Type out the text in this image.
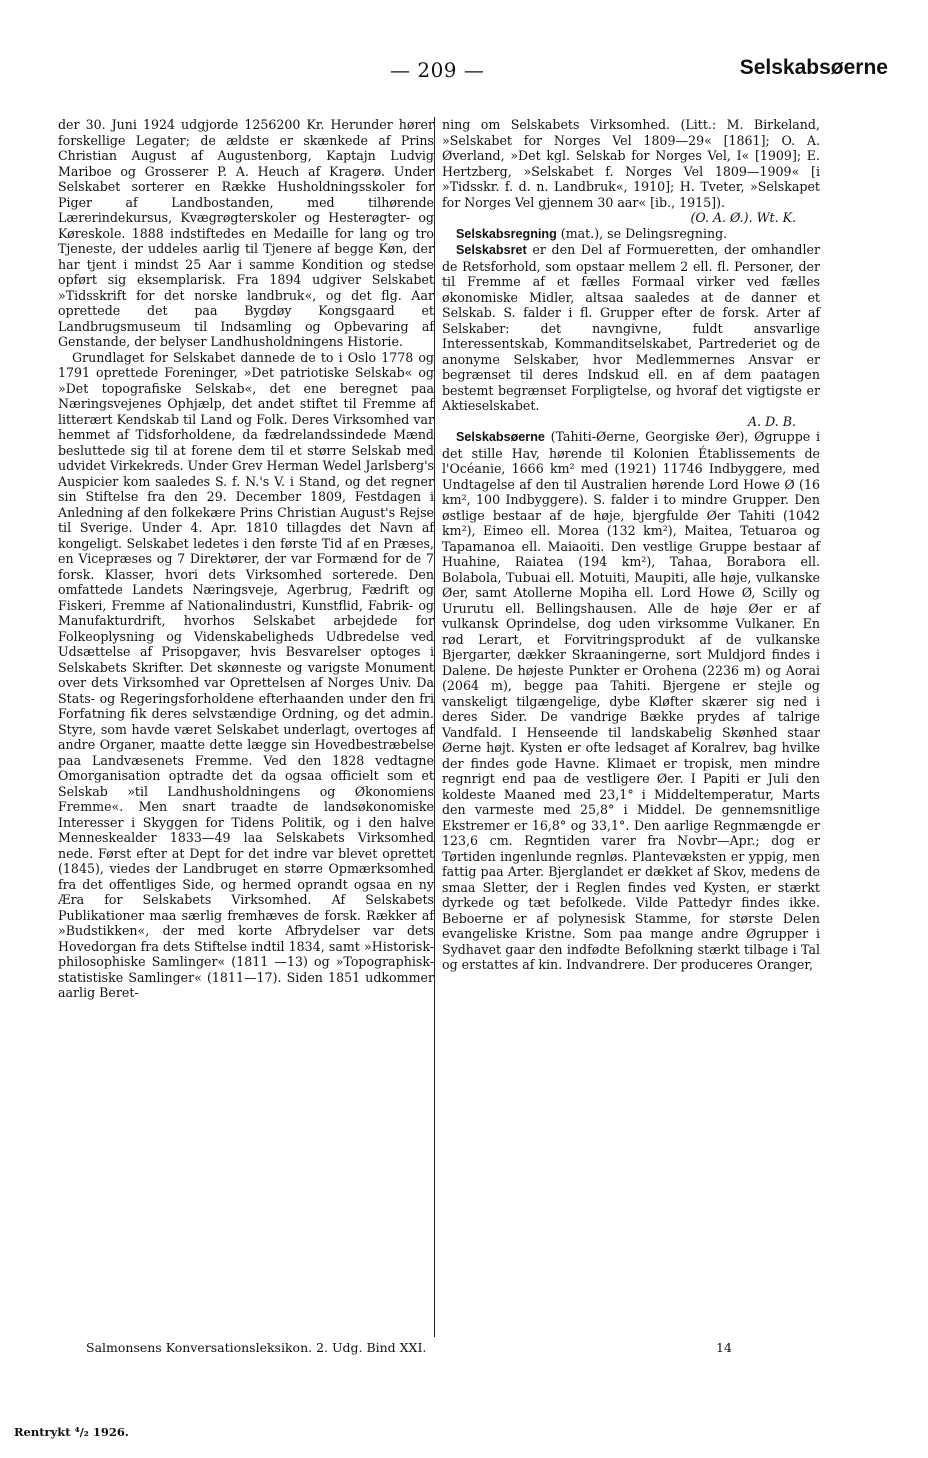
— 209 —	Selskabsøerne

der 30. Juni 1924 udgjorde 1256200 Kr. Herunder hører forskellige Legater; de ældste er skænkede af Prins Christian August af Augustenborg, Kaptajn Ludvig Mariboe og Grosserer P. A. Heuch af Kragerø. Under Selskabet sorterer en Række Husholdningsskoler for Piger af Landbostanden, med tilhørende Lærerindekursus, Kvægrøgterskoler og Hesterøgter- og Køreskole. 1888 indstiftedes en Medaille for lang og tro Tjeneste, der uddeles aarlig til Tjenere af begge Køn, der har tjent i mindst 25 Aar i samme Kondition og stedse opført sig eksemplarisk. Fra 1894 udgiver Selskabet »Tidsskrift for det norske landbruk«, og det flg. Aar oprettede det paa Bygdøy Kongsgaard et Landbrugsmuseum til Indsamling og Opbevaring af Genstande, der belyser Landhusholdningens Historie.

Grundlaget for Selskabet dannede de to i Oslo 1778 og 1791 oprettede Foreninger, »Det patriotiske Selskab« og »Det topografiske Selskab«, det ene beregnet paa Næringsvejenes Ophjælp, det andet stiftet til Fremme af litterært Kendskab til Land og Folk. Deres Virksomhed var hemmet af Tidsforholdene, da fædrelandssindede Mænd besluttede sig til at forene dem til et større Selskab med udvidet Virkekreds. Under Grev Herman Wedel Jarlsberg's Auspicier kom saaledes S. f. N.'s V. i Stand, og det regner sin Stiftelse fra den 29. December 1809, Festdagen i Anledning af den folkekære Prins Christian August's Rejse til Sverige. Under 4. Apr. 1810 tillagdes det Navn af kongeligt. Selskabet ledetes i den første Tid af en Præses, en Vicepræses og 7 Direktører, der var Formænd for de 7 forsk. Klasser, hvori dets Virksomhed sorterede. Den omfattede Landets Næringsveje, Agerbrug, Fædrift og Fiskeri, Fremme af Nationalindustri, Kunstflid, Fabrik- og Manufakturdrift, hvorhos Selskabet arbejdede for Folkeoplysning og Videnskabeligheds Udbredelse ved Udsættelse af Prisopgaver, hvis Besvarelser optoges i Selskabets Skrifter. Det skønneste og varigste Monument over dets Virksomhed var Oprettelsen af Norges Univ. Da Stats- og Regeringsforholdene efterhaanden under den fri Forfatning fik deres selvstændige Ordning, og det admin. Styre, som havde været Selskabet underlagt, overtoges af andre Organer, maatte dette lægge sin Hovedbestræbelse paa Landvæsenets Fremme. Ved den 1828 vedtagne Omorganisation optradte det da ogsaa officielt som et Selskab »til Landhusholdningens og Økonomiens Fremme«. Men snart traadte de landsøkonomiske Interesser i Skyggen for Tidens Politik, og i den halve Menneskealder 1833—49 laa Selskabets Virksomhed nede. Først efter at Dept for det indre var blevet oprettet (1845), viedes der Landbruget en større Opmærksomhed fra det offentliges Side, og hermed oprandt ogsaa en ny Æra for Selskabets Virksomhed. Af Selskabets Publikationer maa særlig fremhæves de forsk. Rækker af »Budstikken«, der med korte Afbrydelser var dets Hovedorgan fra dets Stiftelse indtil 1834, samt »Historisk-philosophiske Samlinger« (1811 —13) og »Topographisk-statistiske Samlinger« (1811—17). Siden 1851 udkommer aarlig Beret-

ning om Selskabets Virksomhed. (Litt.: M. Birkeland, »Selskabet for Norges Vel 1809—29« [1861]; O. A. Øverland, »Det kgl. Selskab for Norges Vel, I« [1909]; E. Hertzberg, »Selskabet f. Norges Vel 1809—1909« [i »Tidsskr. f. d. n. Landbruk«, 1910]; H. Tveter, »Selskapet for Norges Vel gjennem 30 aar« [ib., 1915]).
(O. A. Ø.). Wt. K.

Selskabsregning (mat.), se Delingsregning.

Selskabsret er den Del af Formueretten, der omhandler de Retsforhold, som opstaar mellem 2 ell. fl. Personer, der til Fremme af et fælles Formaal virker ved fælles økonomiske Midler, altsaa saaledes at de danner et Selskab. S. falder i fl. Grupper efter de forsk. Arter af Selskaber: det navngivne, fuldt ansvarlige Interessentskab, Kommanditselskabet, Partrederiet og de anonyme Selskaber, hvor Medlemmernes Ansvar er begrænset til deres Indskud ell. en af dem paatagen bestemt begrænset Forpligtelse, og hvoraf det vigtigste er Aktieselskabet.
A. D. B.

Selskabsøerne (Tahiti-Øerne, Georgiske Øer), Øgruppe i det stille Hav, hørende til Kolonien Établissements de l'Océanie, 1666 km² med (1921) 11746 Indbyggere, med Undtagelse af den til Australien hørende Lord Howe Ø (16 km², 100 Indbyggere). S. falder i to mindre Grupper. Den østlige bestaar af de høje, bjergfulde Øer Tahiti (1042 km²), Eimeo ell. Morea (132 km²), Maitea, Tetuaroa og Tapamanoa ell. Maiaoiti. Den vestlige Gruppe bestaar af Huahine, Raiatea (194 km²), Tahaa, Borabora ell. Bolabola, Tubuai ell. Motuiti, Maupiti, alle høje, vulkanske Øer, samt Atollerne Mopiha ell. Lord Howe Ø, Scilly og Ururutu ell. Bellingshausen. Alle de høje Øer er af vulkansk Oprindelse, dog uden virksomme Vulkaner. En rød Lerart, et Forvitringsprodukt af de vulkanske Bjergarter, dækker Skraaningerne, sort Muldjord findes i Dalene. De højeste Punkter er Orohena (2236 m) og Aorai (2064 m), begge paa Tahiti. Bjergene er stejle og vanskeligt tilgængelige, dybe Kløfter skærer sig ned i deres Sider. De vandrige Bække prydes af talrige Vandfald. I Henseende til landskabelig Skønhed staar Øerne højt. Kysten er ofte ledsaget af Koralrev, bag hvilke der findes gode Havne. Klimaet er tropisk, men mindre regnrigt end paa de vestligere Øer. I Papiti er Juli den koldeste Maaned med 23,1° i Middeltemperatur, Marts den varmeste med 25,8° i Middel. De gennemsnitlige Ekstremer er 16,8° og 33,1°. Den aarlige Regnmængde er 123,6 cm. Regntiden varer fra Novbr—Apr.; dog er Tørtiden ingenlunde regnløs. Plantevæksten er yppig, men fattig paa Arter. Bjerglandet er dækket af Skov, medens de smaa Sletter, der i Reglen findes ved Kysten, er stærkt dyrkede og tæt befolkede. Vilde Pattedyr findes ikke. Beboerne er af polynesisk Stamme, for største Delen evangeliske Kristne. Som paa mange andre Øgrupper i Sydhavet gaar den indfødte Befolkning stærkt tilbage i Tal og erstattes af kin. Indvandrere. Der produceres Oranger,

Salmonsens Konversationsleksikon. 2. Udg. Bind XXI.	14
Rentrykt ⁴/₂ 1926.
